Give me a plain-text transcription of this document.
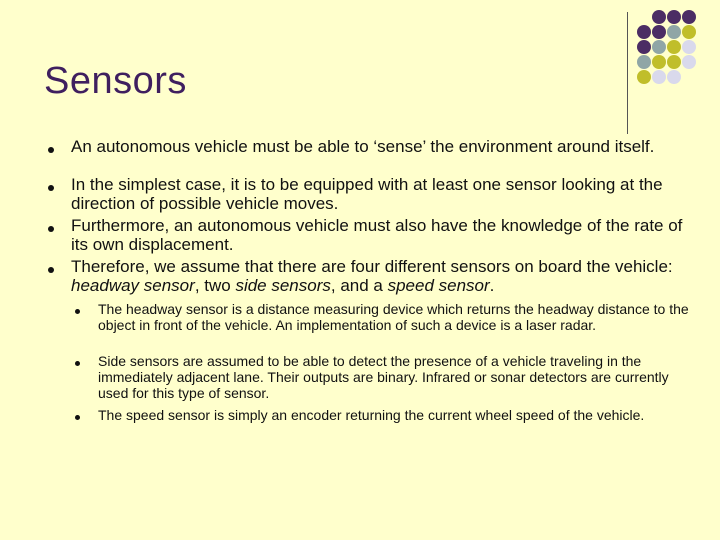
Sensors

An autonomous vehicle must be able to ‘sense’ the environment around itself.

In the simplest case, it is to be equipped with at least one sensor looking at the direction of possible vehicle moves.

Furthermore, an autonomous vehicle must also have the knowledge of the rate of its own displacement.

Therefore, we assume that there are four different sensors on board the vehicle: headway sensor, two side sensors, and a speed sensor.

The headway sensor is a distance measuring device which returns the headway distance to the object in front of the vehicle. An implementation of such a device is a laser radar.

Side sensors are assumed to be able to detect the presence of a vehicle traveling in the immediately adjacent lane. Their outputs are binary. Infrared or sonar detectors are currently used for this type of sensor.

The speed sensor is simply an encoder returning the current wheel speed of the vehicle.
